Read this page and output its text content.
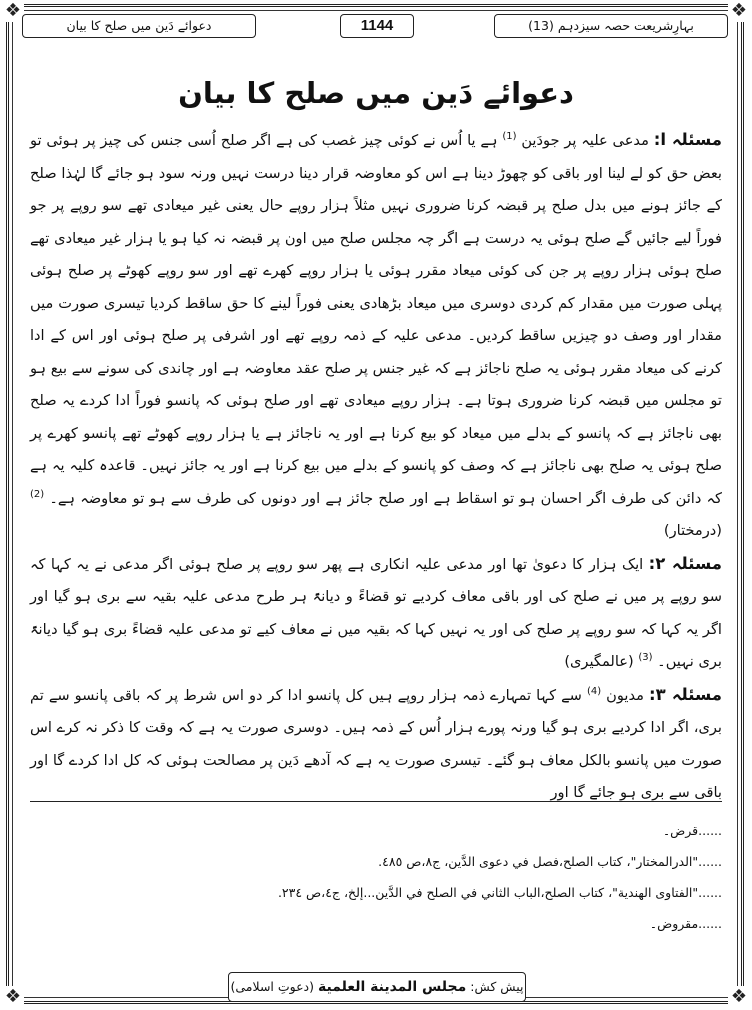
❖	❖
❖	❖
بہارِشریعت حصہ سیزدہم (13)
1144
دعوائے دَین میں صلح کا بیان
دعوائے دَین میں صلح کا بیان

مسئلہ ا: مدعی علیہ پر جودَین $^{(1)}$ ہے یا اُس نے کوئی چیز غصب کی ہے اگر صلح اُسی جنس کی چیز پر ہوئی تو بعض حق کو لے لینا اور باقی کو چھوڑ دینا ہے اس کو معاوضہ قرار دینا درست نہیں ورنہ سود ہو جائے گا لہٰذا صلح کے جائز ہونے میں بدل صلح پر قبضہ کرنا ضروری نہیں مثلاً ہزار روپے حال یعنی غیر میعادی تھے سو روپے پر جو فوراً لیے جائیں گے صلح ہوئی یہ درست ہے اگر چہ مجلس صلح میں اون پر قبضہ نہ کیا ہو یا ہزار غیر میعادی تھے صلح ہوئی ہزار روپے پر جن کی کوئی میعاد مقرر ہوئی یا ہزار روپے کھرے تھے اور سو روپے کھوٹے پر صلح ہوئی پہلی صورت میں مقدار کم کردی دوسری میں میعاد بڑھادی یعنی فوراً لینے کا حق ساقط کردیا تیسری صورت میں مقدار اور وصف دو چیزیں ساقط کردیں۔ مدعی علیہ کے ذمہ روپے تھے اور اشرفی پر صلح ہوئی اور اس کے ادا کرنے کی میعاد مقرر ہوئی یہ صلح ناجائز ہے کہ غیر جنس پر صلح عقد معاوضہ ہے اور چاندی کی سونے سے بیع ہو تو مجلس میں قبضہ کرنا ضروری ہوتا ہے۔ ہزار روپے میعادی تھے اور صلح ہوئی کہ پانسو فوراً ادا کردے یہ صلح بھی ناجائز ہے کہ پانسو کے بدلے میں میعاد کو بیع کرنا ہے اور یہ ناجائز ہے یا ہزار روپے کھوٹے تھے پانسو کھرے پر صلح ہوئی یہ صلح بھی ناجائز ہے کہ وصف کو پانسو کے بدلے میں بیع کرنا ہے اور یہ جائز نہیں۔ قاعدہ کلیہ یہ ہے کہ دائن کی طرف اگر احسان ہو تو اسقاط ہے اور صلح جائز ہے اور دونوں کی طرف سے ہو تو معاوضہ ہے۔ $^{(2)}$ (درمختار)

مسئلہ ۲: ایک ہزار کا دعویٰ تھا اور مدعی علیہ انکاری ہے پھر سو روپے پر صلح ہوئی اگر مدعی نے یہ کہا کہ سو روپے پر میں نے صلح کی اور باقی معاف کردیے تو قضاءً و دیانۃً ہر طرح مدعی علیہ بقیہ سے بری ہو گیا اور اگر یہ کہا کہ سو روپے پر صلح کی اور یہ نہیں کہا کہ بقیہ میں نے معاف کیے تو مدعی علیہ قضاءً بری ہو گیا دیانۃً بری نہیں۔ $^{(3)}$ (عالمگیری)

مسئلہ ۳: مدیون $^{(4)}$ سے کہا تمہارے ذمہ ہزار روپے ہیں کل پانسو ادا کر دو اس شرط پر کہ باقی پانسو سے تم بری، اگر ادا کردیے بری ہو گیا ورنہ پورے ہزار اُس کے ذمہ ہیں۔ دوسری صورت یہ ہے کہ وقت کا ذکر نہ کرے اس صورت میں پانسو بالکل معاف ہو گئے۔ تیسری صورت یہ ہے کہ آدھے دَین پر مصالحت ہوئی کہ کل ادا کردے گا اور باقی سے بری ہو جائے گا اور

......قرض۔
......"الدرالمختار"، كتاب الصلح،فصل في دعوى الدَّين، ج٨،ص ٤٨٥.
......"الفتاوى الهندية"، كتاب الصلح،الباب الثاني في الصلح في الدَّين...إلخ، ج٤،ص ٢٣٤.
......مقروض۔
پیش کش: مجلس المدينة العلمية (دعوتِ اسلامی)
